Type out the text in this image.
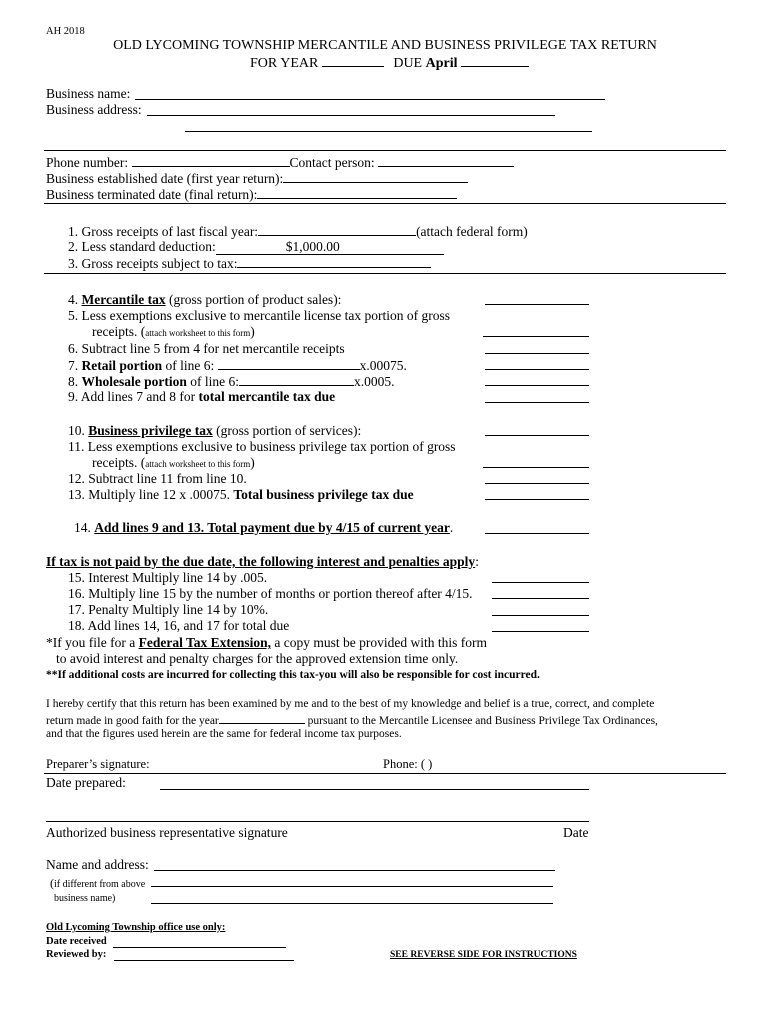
AH 2018
OLD LYCOMING TOWNSHIP MERCANTILE AND BUSINESS PRIVILEGE TAX RETURN
FOR YEAR	DUE April
Business name:
Business address:
Phone number:	Contact person:
Business established date (first year return):
Business terminated date (final return):
1. Gross receipts of last fiscal year:	(attach federal form)
2. Less standard deduction:	$1,000.00
3. Gross receipts subject to tax:
4. Mercantile tax (gross portion of product sales):
5. Less exemptions exclusive to mercantile license tax portion of gross
receipts. (attach worksheet to this form)
6. Subtract line 5 from 4 for net mercantile receipts
7. Retail portion of line 6:	x.00075.
8. Wholesale portion of line 6:	x.0005.
9. Add lines 7 and 8 for total mercantile tax due
10. Business privilege tax (gross portion of services):
11. Less exemptions exclusive to business privilege tax portion of gross
receipts. (attach worksheet to this form)
12. Subtract line 11 from line 10.
13. Multiply line 12 x .00075. Total business privilege tax due
14. Add lines 9 and 13. Total payment due by 4/15 of current year.
If tax is not paid by the due date, the following interest and penalties apply:
15. Interest Multiply line 14 by .005.
16. Multiply line 15 by the number of months or portion thereof after 4/15.
17. Penalty Multiply line 14 by 10%.
18. Add lines 14, 16, and 17 for total due
*If you file for a Federal Tax Extension, a copy must be provided with this form
to avoid interest and penalty charges for the approved extension time only.
**If additional costs are incurred for collecting this tax-you will also be responsible for cost incurred.
I hereby certify that this return has been examined by me and to the best of my knowledge and belief is a true, correct, and complete
return made in good faith for the year	pursuant to the Mercantile Licensee and Business Privilege Tax Ordinances,
and that the figures used herein are the same for federal income tax purposes.
Preparer’s signature:	Phone: ( )
Date prepared:
Authorized business representative signature	Date
Name and address:
(if different from above
business name)
Old Lycoming Township office use only:
Date received
Reviewed by:	SEE REVERSE SIDE FOR INSTRUCTIONS
